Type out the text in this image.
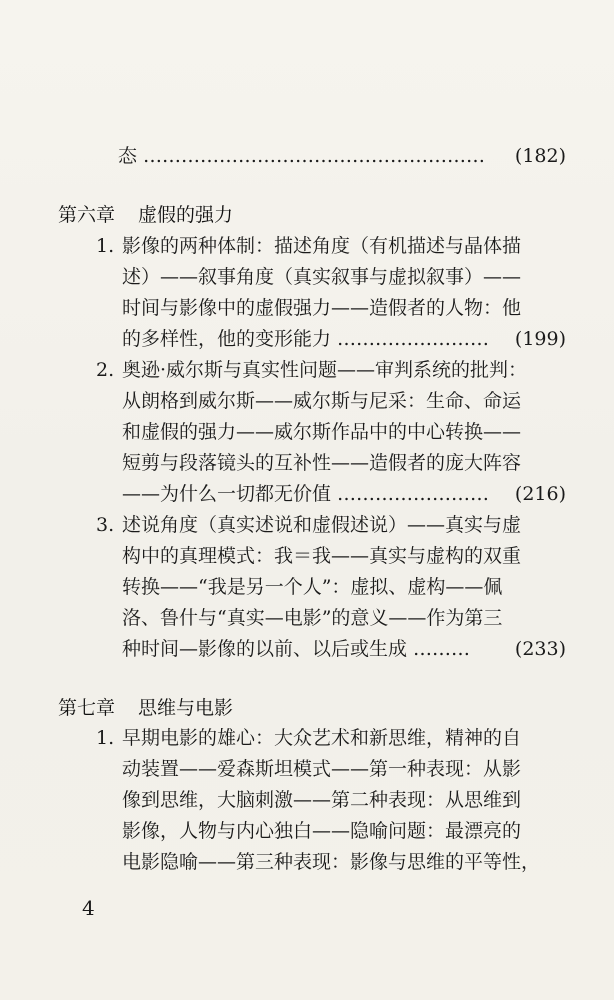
态 ……………………………………………… (182)
第六章 虚假的强力
1. 影像的两种体制：描述角度（有机描述与晶体描
述）——叙事角度（真实叙事与虚拟叙事）——
时间与影像中的虚假强力——造假者的人物：他
的多样性，他的变形能力 …………………… (199)
2. 奥逊·威尔斯与真实性问题——审判系统的批判：
从朗格到威尔斯——威尔斯与尼采：生命、命运
和虚假的强力——威尔斯作品中的中心转换——
短剪与段落镜头的互补性——造假者的庞大阵容
——为什么一切都无价值 …………………… (216)
3. 述说角度（真实述说和虚假述说）——真实与虚
构中的真理模式：我＝我——真实与虚构的双重
转换——“我是另一个人”：虚拟、虚构——佩
洛、鲁什与“真实—电影”的意义——作为第三
种时间—影像的以前、以后或生成 ……… (233)
第七章 思维与电影
1. 早期电影的雄心：大众艺术和新思维，精神的自
动装置——爱森斯坦模式——第一种表现：从影
像到思维，大脑刺激——第二种表现：从思维到
影像，人物与内心独白——隐喻问题：最漂亮的
电影隐喻——第三种表现：影像与思维的平等性，
4
